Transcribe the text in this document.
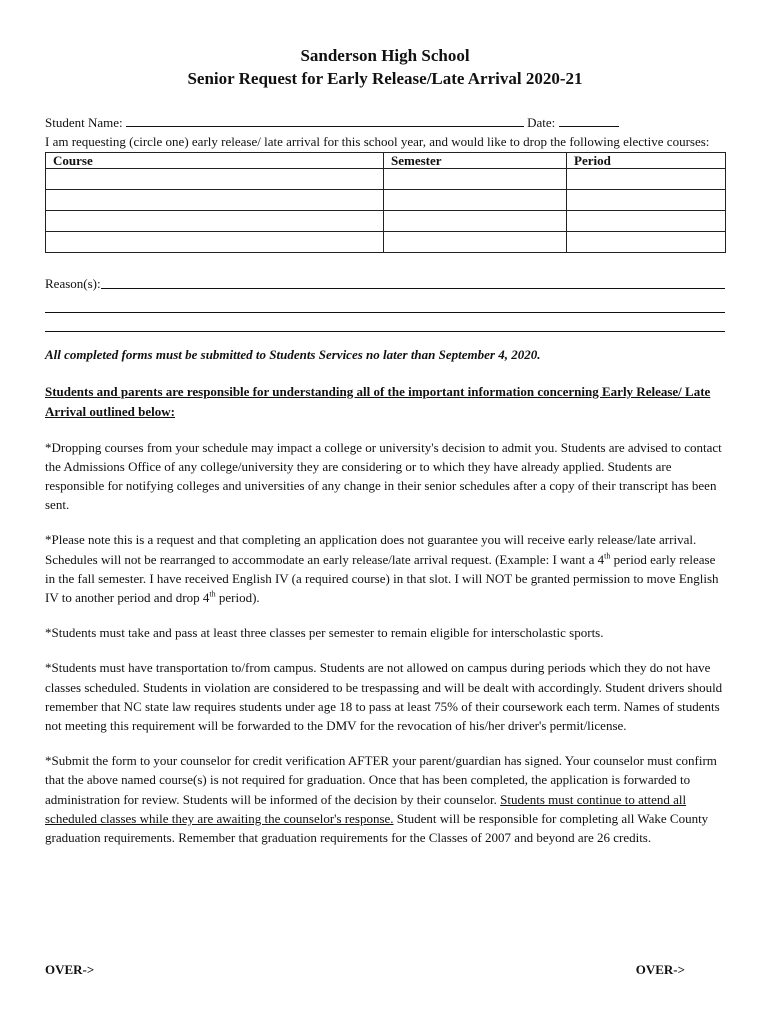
Sanderson High School
Senior Request for Early Release/Late Arrival 2020-21

Student Name:	Date:

I am requesting (circle one) early release/ late arrival for this school year, and would like to drop the following elective courses:

Course	Semester	Period

Reason(s):

All completed forms must be submitted to Students Services no later than September 4, 2020.

Students and parents are responsible for understanding all of the important information concerning Early Release/ Late Arrival outlined below:

*Dropping courses from your schedule may impact a college or university's decision to admit you. Students are advised to contact the Admissions Office of any college/university they are considering or to which they have already applied. Students are responsible for notifying colleges and universities of any change in their senior schedules after a copy of their transcript has been sent.

*Please note this is a request and that completing an application does not guarantee you will receive early release/late arrival. Schedules will not be rearranged to accommodate an early release/late arrival request. (Example: I want a 4th period early release in the fall semester. I have received English IV (a required course) in that slot. I will NOT be granted permission to move English IV to another period and drop 4th period).

*Students must take and pass at least three classes per semester to remain eligible for interscholastic sports.

*Students must have transportation to/from campus. Students are not allowed on campus during periods which they do not have classes scheduled. Students in violation are considered to be trespassing and will be dealt with accordingly. Student drivers should remember that NC state law requires students under age 18 to pass at least 75% of their coursework each term. Names of students not meeting this requirement will be forwarded to the DMV for the revocation of his/her driver's permit/license.

*Submit the form to your counselor for credit verification AFTER your parent/guardian has signed. Your counselor must confirm that the above named course(s) is not required for graduation. Once that has been completed, the application is forwarded to administration for review. Students will be informed of the decision by their counselor. Students must continue to attend all scheduled classes while they are awaiting the counselor's response. Student will be responsible for completing all Wake County graduation requirements. Remember that graduation requirements for the Classes of 2007 and beyond are 26 credits.

OVER->	OVER->
